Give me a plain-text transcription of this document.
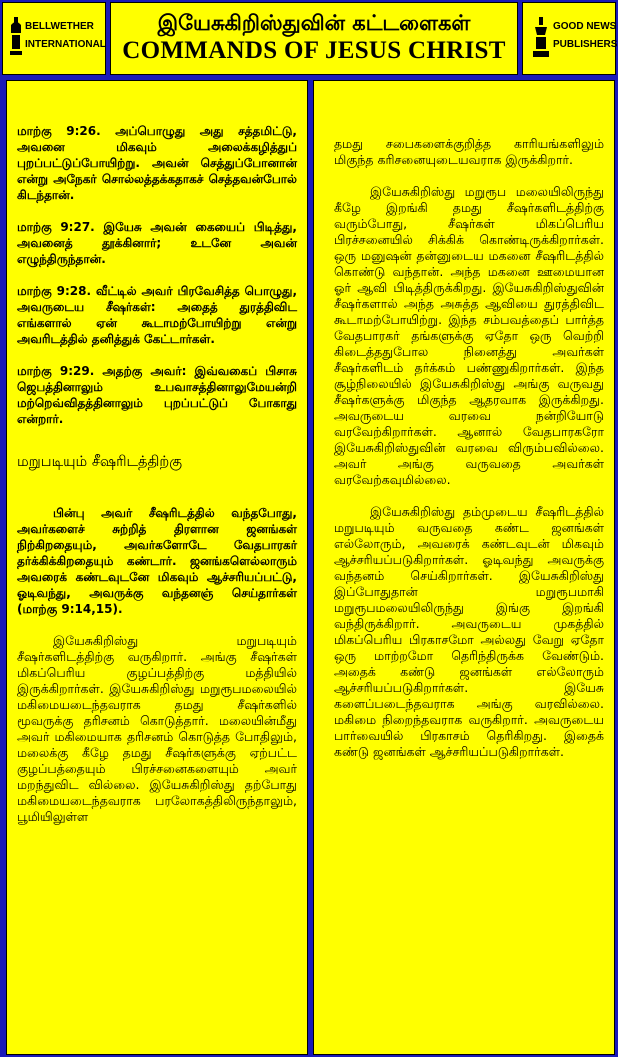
BELLWETHER
INTERNATIONAL
இயேசுகிறிஸ்துவின் கட்டளைகள்
COMMANDS OF JESUS CHRIST
GOOD NEWS
PUBLISHERS

மாற்கு 9:26. அப்பொழுது அது சத்தமிட்டு, அவனை மிகவும் அலைக்கழித்துப் புறப்பட்டுப்போயிற்று. அவன் செத்துப்போனான் என்று அநேகர் சொல்லத்தக்கதாகச் செத்தவன்போல் கிடந்தான்.

மாற்கு 9:27. இயேசு அவன் கையைப் பிடித்து, அவனைத் தூக்கினார்; உடனே அவன் எழுந்திருந்தான்.

மாற்கு 9:28. வீட்டில் அவர் பிரவேசித்த பொழுது, அவருடைய சீஷர்கள்: அதைத் துரத்திவிட எங்களால் ஏன் கூடாமற்போயிற்று என்று அவரிடத்தில் தனித்துக் கேட்டார்கள்.

மாற்கு 9:29. அதற்கு அவர்: இவ்வகைப் பிசாசு ஜெபத்தினாலும் உபவாசத்தினாலுமேயன்றி மற்றெவ்விதத்தினாலும் புறப்பட்டுப் போகாது என்றார்.

மறுபடியும் சீஷரிடத்திற்கு

பின்பு அவர் சீஷரிடத்தில் வந்தபோது, அவர்களைச் சுற்றித் திரளான ஜனங்கள் நிற்கிறதையும், அவர்களோடே வேதபாரகர் தர்க்கிக்கிறதையும் கண்டார். ஜனங்களெல்லாரும் அவரைக் கண்டவுடனே மிகவும் ஆச்சரியப்பட்டு, ஓடிவந்து, அவருக்கு வந்தனஞ் செய்தார்கள் (மாற்கு 9:14,15).

இயேசுகிறிஸ்து மறுபடியும் சீஷர்களிடத்திற்கு வருகிறார். அங்கு சீஷர்கள் மிகப்பெரிய குழப்பத்திற்கு மத்தியில் இருக்கிறார்கள். இயேசுகிறிஸ்து மறுரூபமலையில் மகிமையடைந்தவராக தமது சீஷர்களில் மூவருக்கு தரிசனம் கொடுத்தார். மலையின்மீது அவர் மகிமையாக தரிசனம் கொடுத்த போதிலும், மலைக்கு கீழே தமது சீஷர்களுக்கு ஏற்பட்ட குழப்பத்தையும் பிரச்சனைகளையும் அவர் மறந்துவிட வில்லை. இயேசுகிறிஸ்து தற்போது மகிமையடைந்தவராக பரலோகத்திலிருந்தாலும், பூமியிலுள்ள

தமது சபைகளைக்குறித்த காரியங்களிலும் மிகுந்த கரிசனையுடையவராக இருக்கிறார்.

இயேசுகிறிஸ்து மறுரூப மலையிலிருந்து கீழே இறங்கி தமது சீஷர்களிடத்திற்கு வரும்போது, சீஷர்கள் மிகப்பெரிய பிரச்சனையில் சிக்கிக் கொண்டிருக்கிறார்கள். ஒரு மனுஷன் தன்னுடைய மகனை சீஷரிடத்தில் கொண்டு வந்தான். அந்த மகனை ஊமையான ஓர் ஆவி பிடித்திருக்கிறது. இயேசுகிறிஸ்துவின் சீஷர்களால் அந்த அசுத்த ஆவியை துரத்திவிட கூடாமற்போயிற்று. இந்த சம்பவத்தைப் பார்த்த வேதபாரகர் தங்களுக்கு ஏதோ ஒரு வெற்றி கிடைத்ததுபோல நினைத்து அவர்கள் சீஷர்களிடம் தர்க்கம் பண்ணுகிறார்கள். இந்த சூழ்நிலையில் இயேசுகிறிஸ்து அங்கு வருவது சீஷர்களுக்கு மிகுந்த ஆதரவாக இருக்கிறது. அவருடைய வரவை நன்றியோடு வரவேற்கிறார்கள். ஆனால் வேதபாரகரோ இயேசுகிறிஸ்துவின் வரவை விரும்பவில்லை. அவர் அங்கு வருவதை அவர்கள் வரவேற்கவுமில்லை.

இயேசுகிறிஸ்து தம்முடைய சீஷரிடத்தில் மறுபடியும் வருவதை கண்ட ஜனங்கள் எல்லோரும், அவரைக் கண்டவுடன் மிகவும் ஆச்சரியப்படுகிறார்கள். ஓடிவந்து அவருக்கு வந்தனம் செய்கிறார்கள். இயேசுகிறிஸ்து இப்போதுதான் மறுரூபமாகி மறுரூபமலையிலிருந்து இங்கு இறங்கி வந்திருக்கிறார். அவருடைய முகத்தில் மிகப்பெரிய பிரகாசமோ அல்லது வேறு ஏதோ ஒரு மாற்றமோ தெரிந்திருக்க வேண்டும். அதைக் கண்டு ஜனங்கள் எல்லோரும் ஆச்சரியப்படுகிறார்கள். இயேசு களைப்படைந்தவராக அங்கு வரவில்லை. மகிமை நிறைந்தவராக வருகிறார். அவருடைய பார்வையில் பிரகாசம் தெரிகிறது. இதைக் கண்டு ஜனங்கள் ஆச்சரியப்படுகிறார்கள்.
